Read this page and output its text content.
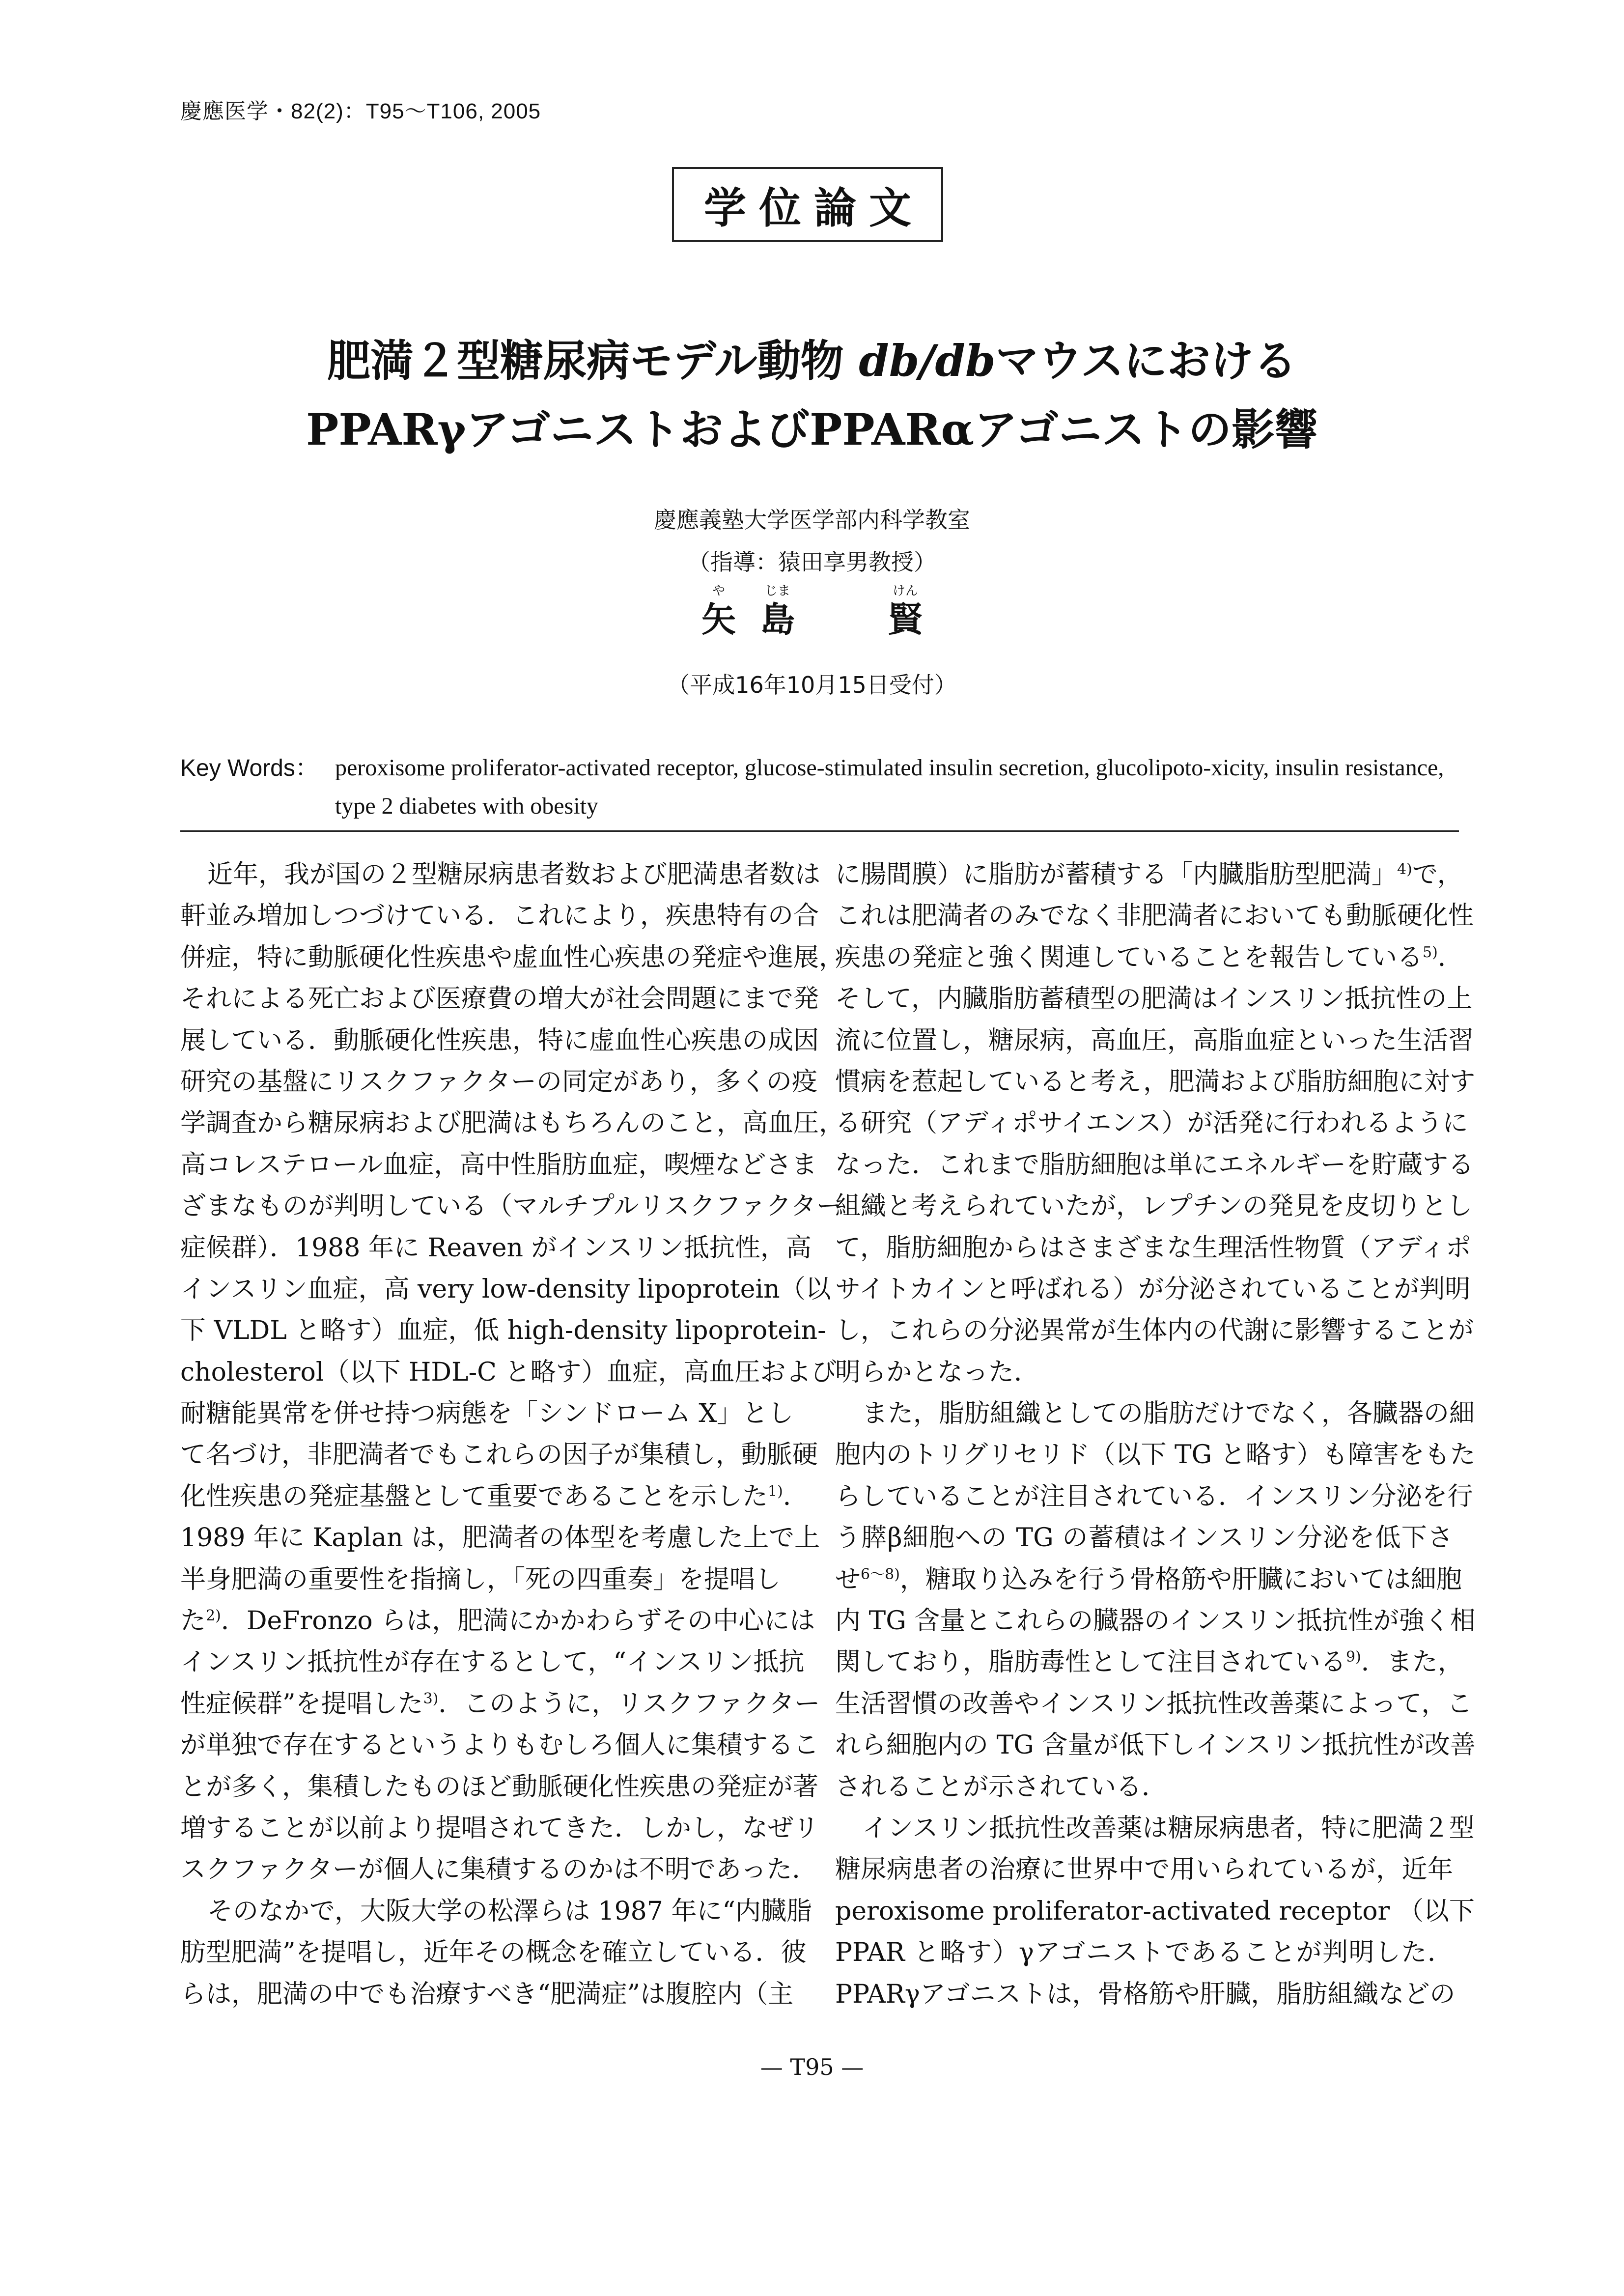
慶應医学・82(2)：T95〜T106, 2005
学位論文
肥満２型糖尿病モデル動物 db/dbマウスにおける
PPARγアゴニストおよびPPARαアゴニストの影響
慶應義塾大学医学部内科学教室
（指導：猿田享男教授）
や	じま	けん
矢 島	賢
（平成16年10月15日受付）
Key Words： peroxisome proliferator-activated receptor, glucose-stimulated insulin secretion, glucolipoto-xicity, insulin resistance, type 2 diabetes with obesity
近年，我が国の２型糖尿病患者数および肥満患者数は
軒並み増加しつづけている．これにより，疾患特有の合
併症，特に動脈硬化性疾患や虚血性心疾患の発症や進展，
それによる死亡および医療費の増大が社会問題にまで発
展している．動脈硬化性疾患，特に虚血性心疾患の成因
研究の基盤にリスクファクターの同定があり，多くの疫
学調査から糖尿病および肥満はもちろんのこと，高血圧，
高コレステロール血症，高中性脂肪血症，喫煙などさま
ざまなものが判明している（マルチプルリスクファクター
症候群）．1988 年に Reaven がインスリン抵抗性，高
インスリン血症，高 very low-density lipoprotein（以
下 VLDL と略す）血症，低 high-density lipoprotein-
cholesterol（以下 HDL-C と略す）血症，高血圧および
耐糖能異常を併せ持つ病態を「シンドローム X」とし
て名づけ，非肥満者でもこれらの因子が集積し，動脈硬
化性疾患の発症基盤として重要であることを示した$^{1)}$．
1989 年に Kaplan は，肥満者の体型を考慮した上で上
半身肥満の重要性を指摘し，「死の四重奏」を提唱し
た$^{2)}$．DeFronzo らは，肥満にかかわらずその中心には
インスリン抵抗性が存在するとして，“インスリン抵抗
性症候群”を提唱した$^{3)}$．このように，リスクファクター
が単独で存在するというよりもむしろ個人に集積するこ
とが多く，集積したものほど動脈硬化性疾患の発症が著
増することが以前より提唱されてきた．しかし，なぜリ
スクファクターが個人に集積するのかは不明であった．
そのなかで，大阪大学の松澤らは 1987 年に“内臓脂
肪型肥満”を提唱し，近年その概念を確立している．彼
らは，肥満の中でも治療すべき“肥満症”は腹腔内（主
に腸間膜）に脂肪が蓄積する「内臓脂肪型肥満」$^{4)}$で，
これは肥満者のみでなく非肥満者においても動脈硬化性
疾患の発症と強く関連していることを報告している$^{5)}$．
そして，内臓脂肪蓄積型の肥満はインスリン抵抗性の上
流に位置し，糖尿病，高血圧，高脂血症といった生活習
慣病を惹起していると考え，肥満および脂肪細胞に対す
る研究（アディポサイエンス）が活発に行われるように
なった．これまで脂肪細胞は単にエネルギーを貯蔵する
組織と考えられていたが，レプチンの発見を皮切りとし
て，脂肪細胞からはさまざまな生理活性物質（アディポ
サイトカインと呼ばれる）が分泌されていることが判明
し，これらの分泌異常が生体内の代謝に影響することが
明らかとなった．
また，脂肪組織としての脂肪だけでなく，各臓器の細
胞内のトリグリセリド（以下 TG と略す）も障害をもた
らしていることが注目されている．インスリン分泌を行
う膵β細胞への TG の蓄積はインスリン分泌を低下さ
せ$^{6〜8)}$，糖取り込みを行う骨格筋や肝臓においては細胞
内 TG 含量とこれらの臓器のインスリン抵抗性が強く相
関しており，脂肪毒性として注目されている$^{9)}$．また，
生活習慣の改善やインスリン抵抗性改善薬によって，こ
れら細胞内の TG 含量が低下しインスリン抵抗性が改善
されることが示されている．
インスリン抵抗性改善薬は糖尿病患者，特に肥満２型
糖尿病患者の治療に世界中で用いられているが，近年
peroxisome proliferator-activated receptor （以下
PPAR と略す）γアゴニストであることが判明した．
PPARγアゴニストは，骨格筋や肝臓，脂肪組織などの
— T95 —
